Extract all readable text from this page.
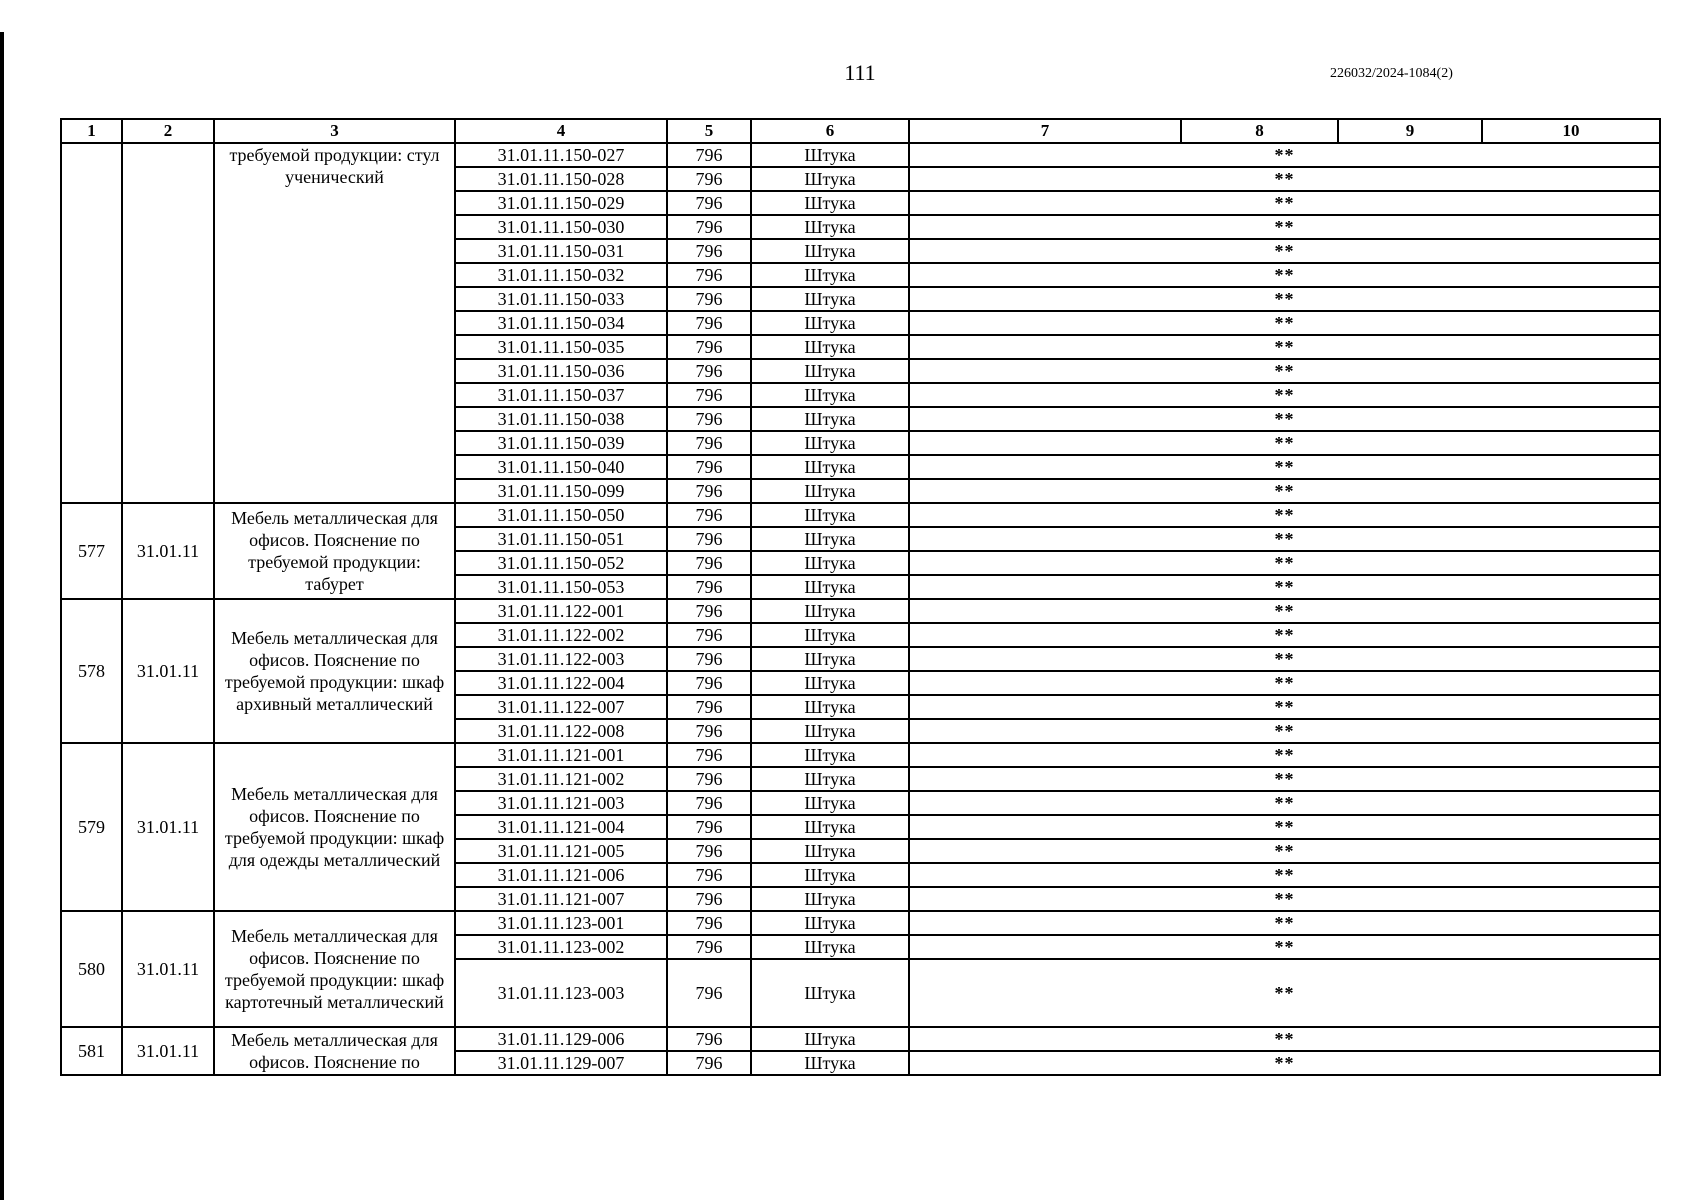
111	226032/2024-1084(2)
1	2	3	4	5	6	7	8	9	10
		требуемой продукции: стул ученический	31.01.11.150-027	796	Штука	**			
			31.01.11.150-028	796	Штука	**			
			31.01.11.150-029	796	Штука	**			
			31.01.11.150-030	796	Штука	**			
			31.01.11.150-031	796	Штука	**			
			31.01.11.150-032	796	Штука	**			
			31.01.11.150-033	796	Штука	**			
			31.01.11.150-034	796	Штука	**			
			31.01.11.150-035	796	Штука	**			
			31.01.11.150-036	796	Штука	**			
			31.01.11.150-037	796	Штука	**			
			31.01.11.150-038	796	Штука	**			
			31.01.11.150-039	796	Штука	**			
			31.01.11.150-040	796	Штука	**			
			31.01.11.150-099	796	Штука	**			
577	31.01.11	Мебель металлическая для офисов. Пояснение по требуемой продукции: табурет	31.01.11.150-050	796	Штука	**			
			31.01.11.150-051	796	Штука	**			
			31.01.11.150-052	796	Штука	**			
			31.01.11.150-053	796	Штука	**			
578	31.01.11	Мебель металлическая для офисов. Пояснение по требуемой продукции: шкаф архивный металлический	31.01.11.122-001	796	Штука	**			
			31.01.11.122-002	796	Штука	**			
			31.01.11.122-003	796	Штука	**			
			31.01.11.122-004	796	Штука	**			
			31.01.11.122-007	796	Штука	**			
			31.01.11.122-008	796	Штука	**			
579	31.01.11	Мебель металлическая для офисов. Пояснение по требуемой продукции: шкаф для одежды металлический	31.01.11.121-001	796	Штука	**			
			31.01.11.121-002	796	Штука	**			
			31.01.11.121-003	796	Штука	**			
			31.01.11.121-004	796	Штука	**			
			31.01.11.121-005	796	Штука	**			
			31.01.11.121-006	796	Штука	**			
			31.01.11.121-007	796	Штука	**			
580	31.01.11	Мебель металлическая для офисов. Пояснение по требуемой продукции: шкаф картотечный металлический	31.01.11.123-001	796	Штука	**			
			31.01.11.123-002	796	Штука	**			
			31.01.11.123-003	796	Штука	**			
581	31.01.11	Мебель металлическая для офисов. Пояснение по	31.01.11.129-006	796	Штука	**			
			31.01.11.129-007	796	Штука	**			
